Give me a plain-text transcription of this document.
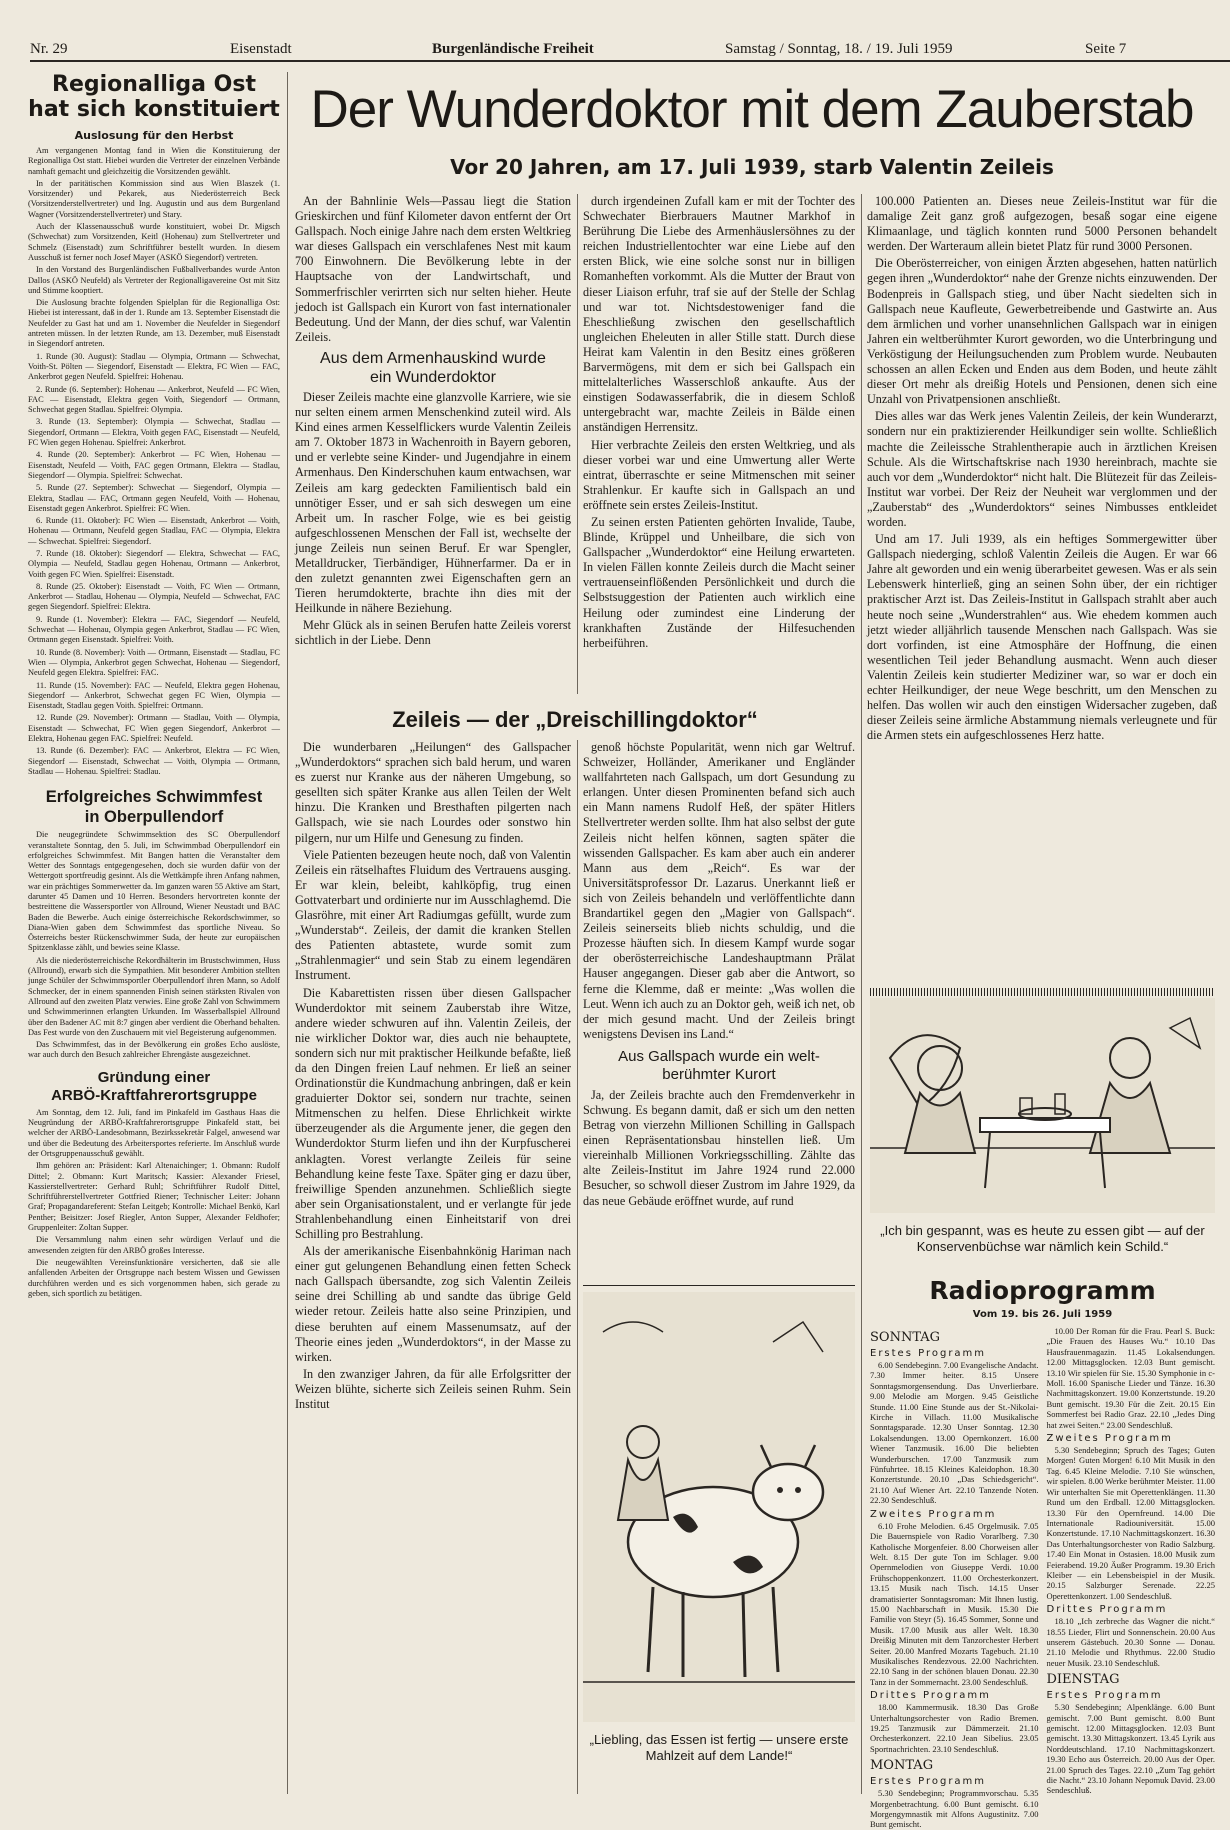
Nr. 29	Eisenstadt	Burgenländische Freiheit	Samstag / Sonntag, 18. / 19. Juli 1959	Seite 7
Regionalliga Ost
hat sich konstituiert
Auslosung für den Herbst

Am vergangenen Montag fand in Wien die Konstituierung der Regionalliga Ost statt. Hiebei wurden die Vertreter der einzelnen Verbände namhaft gemacht und gleichzeitig die Vorsitzenden gewählt.

In der paritätischen Kommission sind aus Wien Blaszek (1. Vorsitzender) und Pekarek, aus Niederösterreich Beck (Vorsitzenderstellvertreter) und Ing. Augustin und aus dem Burgenland Wagner (Vorsitzenderstellvertreter) und Stary.

Auch der Klassenausschuß wurde konstituiert, wobei Dr. Migsch (Schwechat) zum Vorsitzenden, Keitl (Hohenau) zum Stellvertreter und Schmelz (Eisenstadt) zum Schriftführer bestellt wurden. In diesem Ausschuß ist ferner noch Josef Mayer (ASKÖ Siegendorf) vertreten.

In den Vorstand des Burgenländischen Fußballverbandes wurde Anton Dallos (ASKÖ Neufeld) als Vertreter der Regionalligavereine Ost mit Sitz und Stimme kooptiert.

Die Auslosung brachte folgenden Spielplan für die Regionalliga Ost: Hiebei ist interessant, daß in der 1. Runde am 13. September Eisenstadt die Neufelder zu Gast hat und am 1. November die Neufelder in Siegendorf antreten müssen. In der letzten Runde, am 13. Dezember, muß Eisenstadt in Siegendorf antreten.

1. Runde (30. August): Stadlau — Olympia, Ortmann — Schwechat, Voith-St. Pölten — Siegendorf, Eisenstadt — Elektra, FC Wien — FAC, Ankerbrot gegen Neufeld. Spielfrei: Hohenau.

2. Runde (6. September): Hohenau — Ankerbrot, Neufeld — FC Wien, FAC — Eisenstadt, Elektra gegen Voith, Siegendorf — Ortmann, Schwechat gegen Stadlau. Spielfrei: Olympia.

3. Runde (13. September): Olympia — Schwechat, Stadlau — Siegendorf, Ortmann — Elektra, Voith gegen FAC, Eisenstadt — Neufeld, FC Wien gegen Hohenau. Spielfrei: Ankerbrot.

4. Runde (20. September): Ankerbrot — FC Wien, Hohenau — Eisenstadt, Neufeld — Voith, FAC gegen Ortmann, Elektra — Stadlau, Siegendorf — Olympia. Spielfrei: Schwechat.

5. Runde (27. September): Schwechat — Siegendorf, Olympia — Elektra, Stadlau — FAC, Ortmann gegen Neufeld, Voith — Hohenau, Eisenstadt gegen Ankerbrot. Spielfrei: FC Wien.

6. Runde (11. Oktober): FC Wien — Eisenstadt, Ankerbrot — Voith, Hohenau — Ortmann, Neufeld gegen Stadlau, FAC — Olympia, Elektra — Schwechat. Spielfrei: Siegendorf.

7. Runde (18. Oktober): Siegendorf — Elektra, Schwechat — FAC, Olympia — Neufeld, Stadlau gegen Hohenau, Ortmann — Ankerbrot, Voith gegen FC Wien. Spielfrei: Eisenstadt.

8. Runde (25. Oktober): Eisenstadt — Voith, FC Wien — Ortmann, Ankerbrot — Stadlau, Hohenau — Olympia, Neufeld — Schwechat, FAC gegen Siegendorf. Spielfrei: Elektra.

9. Runde (1. November): Elektra — FAC, Siegendorf — Neufeld, Schwechat — Hohenau, Olympia gegen Ankerbrot, Stadlau — FC Wien, Ortmann gegen Eisenstadt. Spielfrei: Voith.

10. Runde (8. November): Voith — Ortmann, Eisenstadt — Stadlau, FC Wien — Olympia, Ankerbrot gegen Schwechat, Hohenau — Siegendorf, Neufeld gegen Elektra. Spielfrei: FAC.

11. Runde (15. November): FAC — Neufeld, Elektra gegen Hohenau, Siegendorf — Ankerbrot, Schwechat gegen FC Wien, Olympia — Eisenstadt, Stadlau gegen Voith. Spielfrei: Ortmann.

12. Runde (29. November): Ortmann — Stadlau, Voith — Olympia, Eisenstadt — Schwechat, FC Wien gegen Siegendorf, Ankerbrot — Elektra, Hohenau gegen FAC. Spielfrei: Neufeld.

13. Runde (6. Dezember): FAC — Ankerbrot, Elektra — FC Wien, Siegendorf — Eisenstadt, Schwechat — Voith, Olympia — Ortmann, Stadlau — Hohenau. Spielfrei: Stadlau.

Erfolgreiches Schwimmfest
in Oberpullendorf

Die neugegründete Schwimmsektion des SC Oberpullendorf veranstaltete Sonntag, den 5. Juli, im Schwimmbad Oberpullendorf ein erfolgreiches Schwimmfest. Mit Bangen hatten die Veranstalter dem Wetter des Sonntags entgegengesehen, doch sie wurden dafür von der Wettergott sportfreudig gesinnt. Als die Wettkämpfe ihren Anfang nahmen, war ein prächtiges Sommerwetter da. Im ganzen waren 55 Aktive am Start, darunter 45 Damen und 10 Herren. Besonders hervortreten konnte der bestreittene die Wassersportler von Allround, Wiener Neustadt und BAC Baden die Bewerbe. Auch einige österreichische Rekordschwimmer, so Diana-Wien gaben dem Schwimmfest das sportliche Niveau. So Österreichs bester Rückenschwimmer Suda, der heute zur europäischen Spitzenklasse zählt, und bewies seine Klasse.

Als die niederösterreichische Rekordhälterin im Brustschwimmen, Huss (Allround), erwarb sich die Sympathien. Mit besonderer Ambition stellten junge Schüler der Schwimmsportler Oberpullendorf ihren Mann, so Adolf Schmecker, der in einem spannenden Finish seinen stärksten Rivalen von Allround auf den zweiten Platz verwies. Eine große Zahl von Schwimmern und Schwimmerinnen erlangten Urkunden. Im Wasserballspiel Allround über den Badener AC mit 8:7 gingen aber verdient die Oberhand behalten. Das Fest wurde von den Zuschauern mit viel Begeisterung aufgenommen.

Das Schwimmfest, das in der Bevölkerung ein großes Echo auslöste, war auch durch den Besuch zahlreicher Ehrengäste ausgezeichnet.

Gründung einer
ARBÖ-Kraftfahrerortsgruppe

Am Sonntag, dem 12. Juli, fand im Pinkafeld im Gasthaus Haas die Neugründung der ARBÖ-Kraftfahrerortsgruppe Pinkafeld statt, bei welcher der ARBÖ-Landesobmann, Bezirkssekretär Falgel, anwesend war und über die Bedeutung des Arbeitersportes referierte. Im Anschluß wurde der Ortsgruppenausschuß gewählt.

Ihm gehören an: Präsident: Karl Altenaichinger; 1. Obmann: Rudolf Dittel; 2. Obmann: Kurt Maritsch; Kassier: Alexander Friesel, Kassierstellvertreter: Gerhard Ruhl; Schriftführer Rudolf Dittel, Schriftführerstellvertreter Gottfried Riener; Technischer Leiter: Johann Graf; Propagandareferent: Stefan Leitgeb; Kontrolle: Michael Benkö, Karl Penther; Beisitzer: Josef Riegler, Anton Supper, Alexander Feldhofer; Gruppenleiter: Zoltan Supper.

Die Versammlung nahm einen sehr würdigen Verlauf und die anwesenden zeigten für den ARBÖ großes Interesse.

Die neugewählten Vereinsfunktionäre versicherten, daß sie alle anfallenden Arbeiten der Ortsgruppe nach bestem Wissen und Gewissen durchführen werden und es sich vorgenommen haben, sich gerade zu geben, sich sportlich zu betätigen.

Der Wunderdoktor mit dem Zauberstab
Vor 20 Jahren, am 17. Juli 1939, starb Valentin Zeileis

An der Bahnlinie Wels—Passau liegt die Station Grieskirchen und fünf Kilometer davon entfernt der Ort Gallspach. Noch einige Jahre nach dem ersten Weltkrieg war dieses Gallspach ein verschlafenes Nest mit kaum 700 Einwohnern. Die Bevölkerung lebte in der Hauptsache von der Landwirtschaft, und Sommerfrischler verirrten sich nur selten hieher. Heute jedoch ist Gallspach ein Kurort von fast internationaler Bedeutung. Und der Mann, der dies schuf, war Valentin Zeileis.

Aus dem Armenhauskind wurde
ein Wunderdoktor

Dieser Zeileis machte eine glanzvolle Karriere, wie sie nur selten einem armen Menschenkind zuteil wird. Als Kind eines armen Kesselflickers wurde Valentin Zeileis am 7. Oktober 1873 in Wachenroith in Bayern geboren, und er verlebte seine Kinder- und Jugendjahre in einem Armenhaus. Den Kinderschuhen kaum entwachsen, war Zeileis am karg gedeckten Familientisch bald ein unnötiger Esser, und er sah sich deswegen um eine Arbeit um. In rascher Folge, wie es bei geistig aufgeschlossenen Menschen der Fall ist, wechselte der junge Zeileis nun seinen Beruf. Er war Spengler, Metalldrucker, Tierbändiger, Hühnerfarmer. Da er in den zuletzt genannten zwei Eigenschaften gern an Tieren herumdokterte, brachte ihn dies mit der Heilkunde in nähere Beziehung.

Mehr Glück als in seinen Berufen hatte Zeileis vorerst sichtlich in der Liebe. Denn

durch irgendeinen Zufall kam er mit der Tochter des Schwechater Bierbrauers Mautner Markhof in Berührung Die Liebe des Armenhäuslersöhnes zu der reichen Industriellentochter war eine Liebe auf den ersten Blick, wie eine solche sonst nur in billigen Romanheften vorkommt. Als die Mutter der Braut von dieser Liaison erfuhr, traf sie auf der Stelle der Schlag und war tot. Nichtsdestoweniger fand die Eheschließung zwischen den gesellschaftlich ungleichen Eheleuten in aller Stille statt. Durch diese Heirat kam Valentin in den Besitz eines größeren Barvermögens, mit dem er sich bei Gallspach ein mittelalterliches Wasserschloß ankaufte. Aus der einstigen Sodawasserfabrik, die in diesem Schloß untergebracht war, machte Zeileis in Bälde einen anständigen Herrensitz.

Hier verbrachte Zeileis den ersten Weltkrieg, und als dieser vorbei war und eine Umwertung aller Werte eintrat, überraschte er seine Mitmenschen mit seiner Strahlenkur. Er kaufte sich in Gallspach an und eröffnete sein erstes Zeileis-Institut.

Zu seinen ersten Patienten gehörten Invalide, Taube, Blinde, Krüppel und Unheilbare, die sich von Gallspacher „Wunderdoktor“ eine Heilung erwarteten. In vielen Fällen konnte Zeileis durch die Macht seiner vertrauenseinflößenden Persönlichkeit und durch die Selbstsuggestion der Patienten auch wirklich eine Heilung oder zumindest eine Linderung der krankhaften Zustände der Hilfesuchenden herbeiführen.

100.000 Patienten an. Dieses neue Zeileis-Institut war für die damalige Zeit ganz groß aufgezogen, besaß sogar eine eigene Klimaanlage, und täglich konnten rund 5000 Personen behandelt werden. Der Warteraum allein bietet Platz für rund 3000 Personen.

Die Oberösterreicher, von einigen Ärzten abgesehen, hatten natürlich gegen ihren „Wunderdoktor“ nahe der Grenze nichts einzuwenden. Der Bodenpreis in Gallspach stieg, und über Nacht siedelten sich in Gallspach neue Kaufleute, Gewerbetreibende und Gastwirte an. Aus dem ärmlichen und vorher unansehnlichen Gallspach war in einigen Jahren ein weltberühmter Kurort geworden, wo die Unterbringung und Verköstigung der Heilungsuchenden zum Problem wurde. Neubauten schossen an allen Ecken und Enden aus dem Boden, und heute zählt dieser Ort mehr als dreißig Hotels und Pensionen, denen sich eine Unzahl von Privatpensionen anschließt.

Dies alles war das Werk jenes Valentin Zeileis, der kein Wunderarzt, sondern nur ein praktizierender Heilkundiger sein wollte. Schließlich machte die Zeileissche Strahlentherapie auch in ärztlichen Kreisen Schule. Als die Wirtschaftskrise nach 1930 hereinbrach, machte sie auch vor dem „Wunderdoktor“ nicht halt. Die Blütezeit für das Zeileis-Institut war vorbei. Der Reiz der Neuheit war verglommen und der „Zauberstab“ des „Wunderdoktors“ seines Nimbusses entkleidet worden.

Und am 17. Juli 1939, als ein heftiges Sommergewitter über Gallspach niederging, schloß Valentin Zeileis die Augen. Er war 66 Jahre alt geworden und ein wenig überarbeitet gewesen. Was er als sein Lebenswerk hinterließ, ging an seinen Sohn über, der ein richtiger praktischer Arzt ist. Das Zeileis-Institut in Gallspach strahlt aber auch heute noch seine „Wunderstrahlen“ aus. Wie ehedem kommen auch jetzt wieder alljährlich tausende Menschen nach Gallspach. Was sie dort vorfinden, ist eine Atmosphäre der Hoffnung, die einen wesentlichen Teil jeder Behandlung ausmacht. Wenn auch dieser Valentin Zeileis kein studierter Mediziner war, so war er doch ein echter Heilkundiger, der neue Wege beschritt, um den Menschen zu helfen. Das wollen wir auch den einstigen Widersacher zugeben, daß dieser Zeileis seine ärmliche Abstammung niemals verleugnete und für die Armen stets ein aufgeschlossenes Herz hatte.

Zeileis — der „Dreischillingdoktor“

Die wunderbaren „Heilungen“ des Gallspacher „Wunderdoktors“ sprachen sich bald herum, und waren es zuerst nur Kranke aus der näheren Umgebung, so gesellten sich später Kranke aus allen Teilen der Welt hinzu. Die Kranken und Bresthaften pilgerten nach Gallspach, wie sie nach Lourdes oder sonstwo hin pilgern, nur um Hilfe und Genesung zu finden.

Viele Patienten bezeugen heute noch, daß von Valentin Zeileis ein rätselhaftes Fluidum des Vertrauens ausging. Er war klein, beleibt, kahlköpfig, trug einen Gottvaterbart und ordinierte nur im Ausschlaghemd. Die Glasröhre, mit einer Art Radiumgas gefüllt, wurde zum „Wunderstab“. Zeileis, der damit die kranken Stellen des Patienten abtastete, wurde somit zum „Strahlenmagier“ und sein Stab zu einem legendären Instrument.

Die Kabarettisten rissen über diesen Gallspacher Wunderdoktor mit seinem Zauberstab ihre Witze, andere wieder schwuren auf ihn. Valentin Zeileis, der nie wirklicher Doktor war, dies auch nie behauptete, sondern sich nur mit praktischer Heilkunde befaßte, ließ da den Dingen freien Lauf nehmen. Er ließ an seiner Ordinationstür die Kundmachung anbringen, daß er kein graduierter Doktor sei, sondern nur trachte, seinen Mitmenschen zu helfen. Diese Ehrlichkeit wirkte überzeugender als die Argumente jener, die gegen den Wunderdoktor Sturm liefen und ihn der Kurpfuscherei anklagten. Vorest verlangte Zeileis für seine Behandlung keine feste Taxe. Später ging er dazu über, freiwillige Spenden anzunehmen. Schließlich siegte aber sein Organisationstalent, und er verlangte für jede Strahlenbehandlung einen Einheitstarif von drei Schilling pro Bestrahlung.

Als der amerikanische Eisenbahnkönig Hariman nach einer gut gelungenen Behandlung einen fetten Scheck nach Gallspach übersandte, zog sich Valentin Zeileis seine drei Schilling ab und sandte das übrige Geld wieder retour. Zeileis hatte also seine Prinzipien, und diese beruhten auf einem Massenumsatz, auf der Theorie eines jeden „Wunderdoktors“, in der Masse zu wirken.

In den zwanziger Jahren, da für alle Erfolgsritter der Weizen blühte, sicherte sich Zeileis seinen Ruhm. Sein Institut

genoß höchste Popularität, wenn nich gar Weltruf. Schweizer, Holländer, Amerikaner und Engländer wallfahrteten nach Gallspach, um dort Gesundung zu erlangen. Unter diesen Prominenten befand sich auch ein Mann namens Rudolf Heß, der später Hitlers Stellvertreter werden sollte. Ihm hat also selbst der gute Zeileis nicht helfen können, sagten später die wissenden Gallspacher. Es kam aber auch ein anderer Mann aus dem „Reich“. Es war der Universitätsprofessor Dr. Lazarus. Unerkannt ließ er sich von Zeileis behandeln und verlöffentlichte dann Brandartikel gegen den „Magier von Gallspach“. Zeileis seinerseits blieb nichts schuldig, und die Prozesse häuften sich. In diesem Kampf wurde sogar der oberösterreichische Landeshauptmann Prälat Hauser angegangen. Dieser gab aber die Antwort, so ferne die Klemme, daß er meinte: „Was wollen die Leut. Wenn ich auch zu an Doktor geh, weiß ich net, ob der mich gesund macht. Und der Zeileis bringt wenigstens Devisen ins Land.“

Aus Gallspach wurde ein welt-
berühmter Kurort

Ja, der Zeileis brachte auch den Fremdenverkehr in Schwung. Es begann damit, daß er sich um den netten Betrag von vierzehn Millionen Schilling in Gallspach einen Repräsentationsbau hinstellen ließ. Um viereinhalb Millionen Vorkriegsschilling. Zählte das alte Zeileis-Institut im Jahre 1924 rund 22.000 Besucher, so schwoll dieser Zustrom im Jahre 1929, da das neue Gebäude eröffnet wurde, auf rund

„Ich bin gespannt, was es heute zu essen gibt — auf der Konservenbüchse war nämlich kein Schild.“
„Liebling, das Essen ist fertig — unsere erste Mahlzeit auf dem Lande!“
Radioprogramm
Vom 19. bis 26. Juli 1959
SONNTAG
Erstes Programm
6.00 Sendebeginn. 7.00 Evangelische Andacht. 7.30 Immer heiter. 8.15 Unsere Sonntagsmorgensendung. Das Unverlierbare. 9.00 Melodie am Morgen. 9.45 Geistliche Stunde. 11.00 Eine Stunde aus der St.-Nikolai-Kirche in Villach. 11.00 Musikalische Sonntagsparade. 12.30 Unser Sonntag. 12.30 Lokalsendungen. 13.00 Opernkonzert. 16.00 Wiener Tanzmusik. 16.00 Die beliebten Wunderburschen. 17.00 Tanzmusik zum Fünfuhrtee. 18.15 Kleines Kaleidophon. 18.30 Konzertstunde. 20.10 „Das Schiedsgericht“. 21.10 Auf Wiener Art. 22.10 Tanzende Noten. 22.30 Sendeschluß.
Zweites Programm
6.10 Frohe Melodien. 6.45 Orgelmusik. 7.05 Die Bauernspiele von Radio Vorarlberg. 7.30 Katholische Morgenfeier. 8.00 Chorweisen aller Welt. 8.15 Der gute Ton im Schlager. 9.00 Opernmelodien von Giuseppe Verdi. 10.00 Frühschoppenkonzert. 11.00 Orchesterkonzert. 13.15 Musik nach Tisch. 14.15 Unser dramatisierter Sonntagsroman: Mit Ihnen lustig. 15.00 Nachbarschaft in Musik. 15.30 Die Familie von Steyr (5). 16.45 Sommer, Sonne und Musik. 17.00 Musik aus aller Welt. 18.30 Dreißig Minuten mit dem Tanzorchester Herbert Seiter. 20.00 Manfred Mozarts Tagebuch. 21.10 Musikalisches Rendezvous. 22.00 Nachrichten. 22.10 Sang in der schönen blauen Donau. 22.30 Tanz in der Sommernacht. 23.00 Sendeschluß.
Drittes Programm
18.00 Kammermusik. 18.30 Das Große Unterhaltungsorchester von Radio Bremen. 19.25 Tanzmusik zur Dämmerzeit. 21.10 Orchesterkonzert. 22.10 Jean Sibelius. 23.05 Sportnachrichten. 23.10 Sendeschluß.
MONTAG
Erstes Programm
5.30 Sendebeginn; Programmvorschau. 5.35 Morgenbetrachtung. 6.00 Bunt gemischt. 6.10 Morgengymnastik mit Alfons Augustinitz. 7.00 Bunt gemischt.
10.00 Der Roman für die Frau. Pearl S. Buck: „Die Frauen des Hauses Wu.“ 10.10 Das Hausfrauenmagazin. 11.45 Lokalsendungen. 12.00 Mittagsglocken. 12.03 Bunt gemischt. 13.10 Wir spielen für Sie. 15.30 Symphonie in c-Moll. 16.00 Spanische Lieder und Tänze. 16.30 Nachmittagskonzert. 19.00 Konzertstunde. 19.20 Bunt gemischt. 19.30 Für die Zeit. 20.15 Ein Sommerfest bei Radio Graz. 22.10 „Jedes Ding hat zwei Seiten.“ 23.00 Sendeschluß.
Zweites Programm
5.30 Sendebeginn; Spruch des Tages; Guten Morgen! Guten Morgen! 6.10 Mit Musik in den Tag. 6.45 Kleine Melodie. 7.10 Sie wünschen, wir spielen. 8.00 Werke berühmter Meister. 11.00 Wir unterhalten Sie mit Operettenklängen. 11.30 Rund um den Erdball. 12.00 Mittagsglocken. 13.30 Für den Opernfreund. 14.00 Die Internationale Radiouniversität. 15.00 Konzertstunde. 17.10 Nachmittagskonzert. 16.30 Das Unterhaltungsorchester von Radio Salzburg. 17.40 Ein Monat in Ostasien. 18.00 Musik zum Feierabend. 19.20 Äußer Programm. 19.30 Erich Kleiber — ein Lebensbeispiel in der Musik. 20.15 Salzburger Serenade. 22.25 Operettenkonzert. 1.00 Sendeschluß.
Drittes Programm
18.10 „Ich zerbreche das Wagner die nicht.“ 18.55 Lieder, Flirt und Sonnenschein. 20.00 Aus unserem Gästebuch. 20.30 Sonne — Donau. 21.10 Melodie und Rhythmus. 22.00 Studio neuer Musik. 23.10 Sendeschluß.
DIENSTAG
Erstes Programm
5.30 Sendebeginn; Alpenklänge. 6.00 Bunt gemischt. 7.00 Bunt gemischt. 8.00 Bunt gemischt. 12.00 Mittagsglocken. 12.03 Bunt gemischt. 13.30 Mittagskonzert. 13.45 Lyrik aus Norddeutschland. 17.10 Nachmittagskonzert. 19.30 Echo aus Österreich. 20.00 Aus der Oper. 21.00 Spruch des Tages. 22.10 „Zum Tag gehört die Nacht.“ 23.10 Johann Nepomuk David. 23.00 Sendeschluß.
